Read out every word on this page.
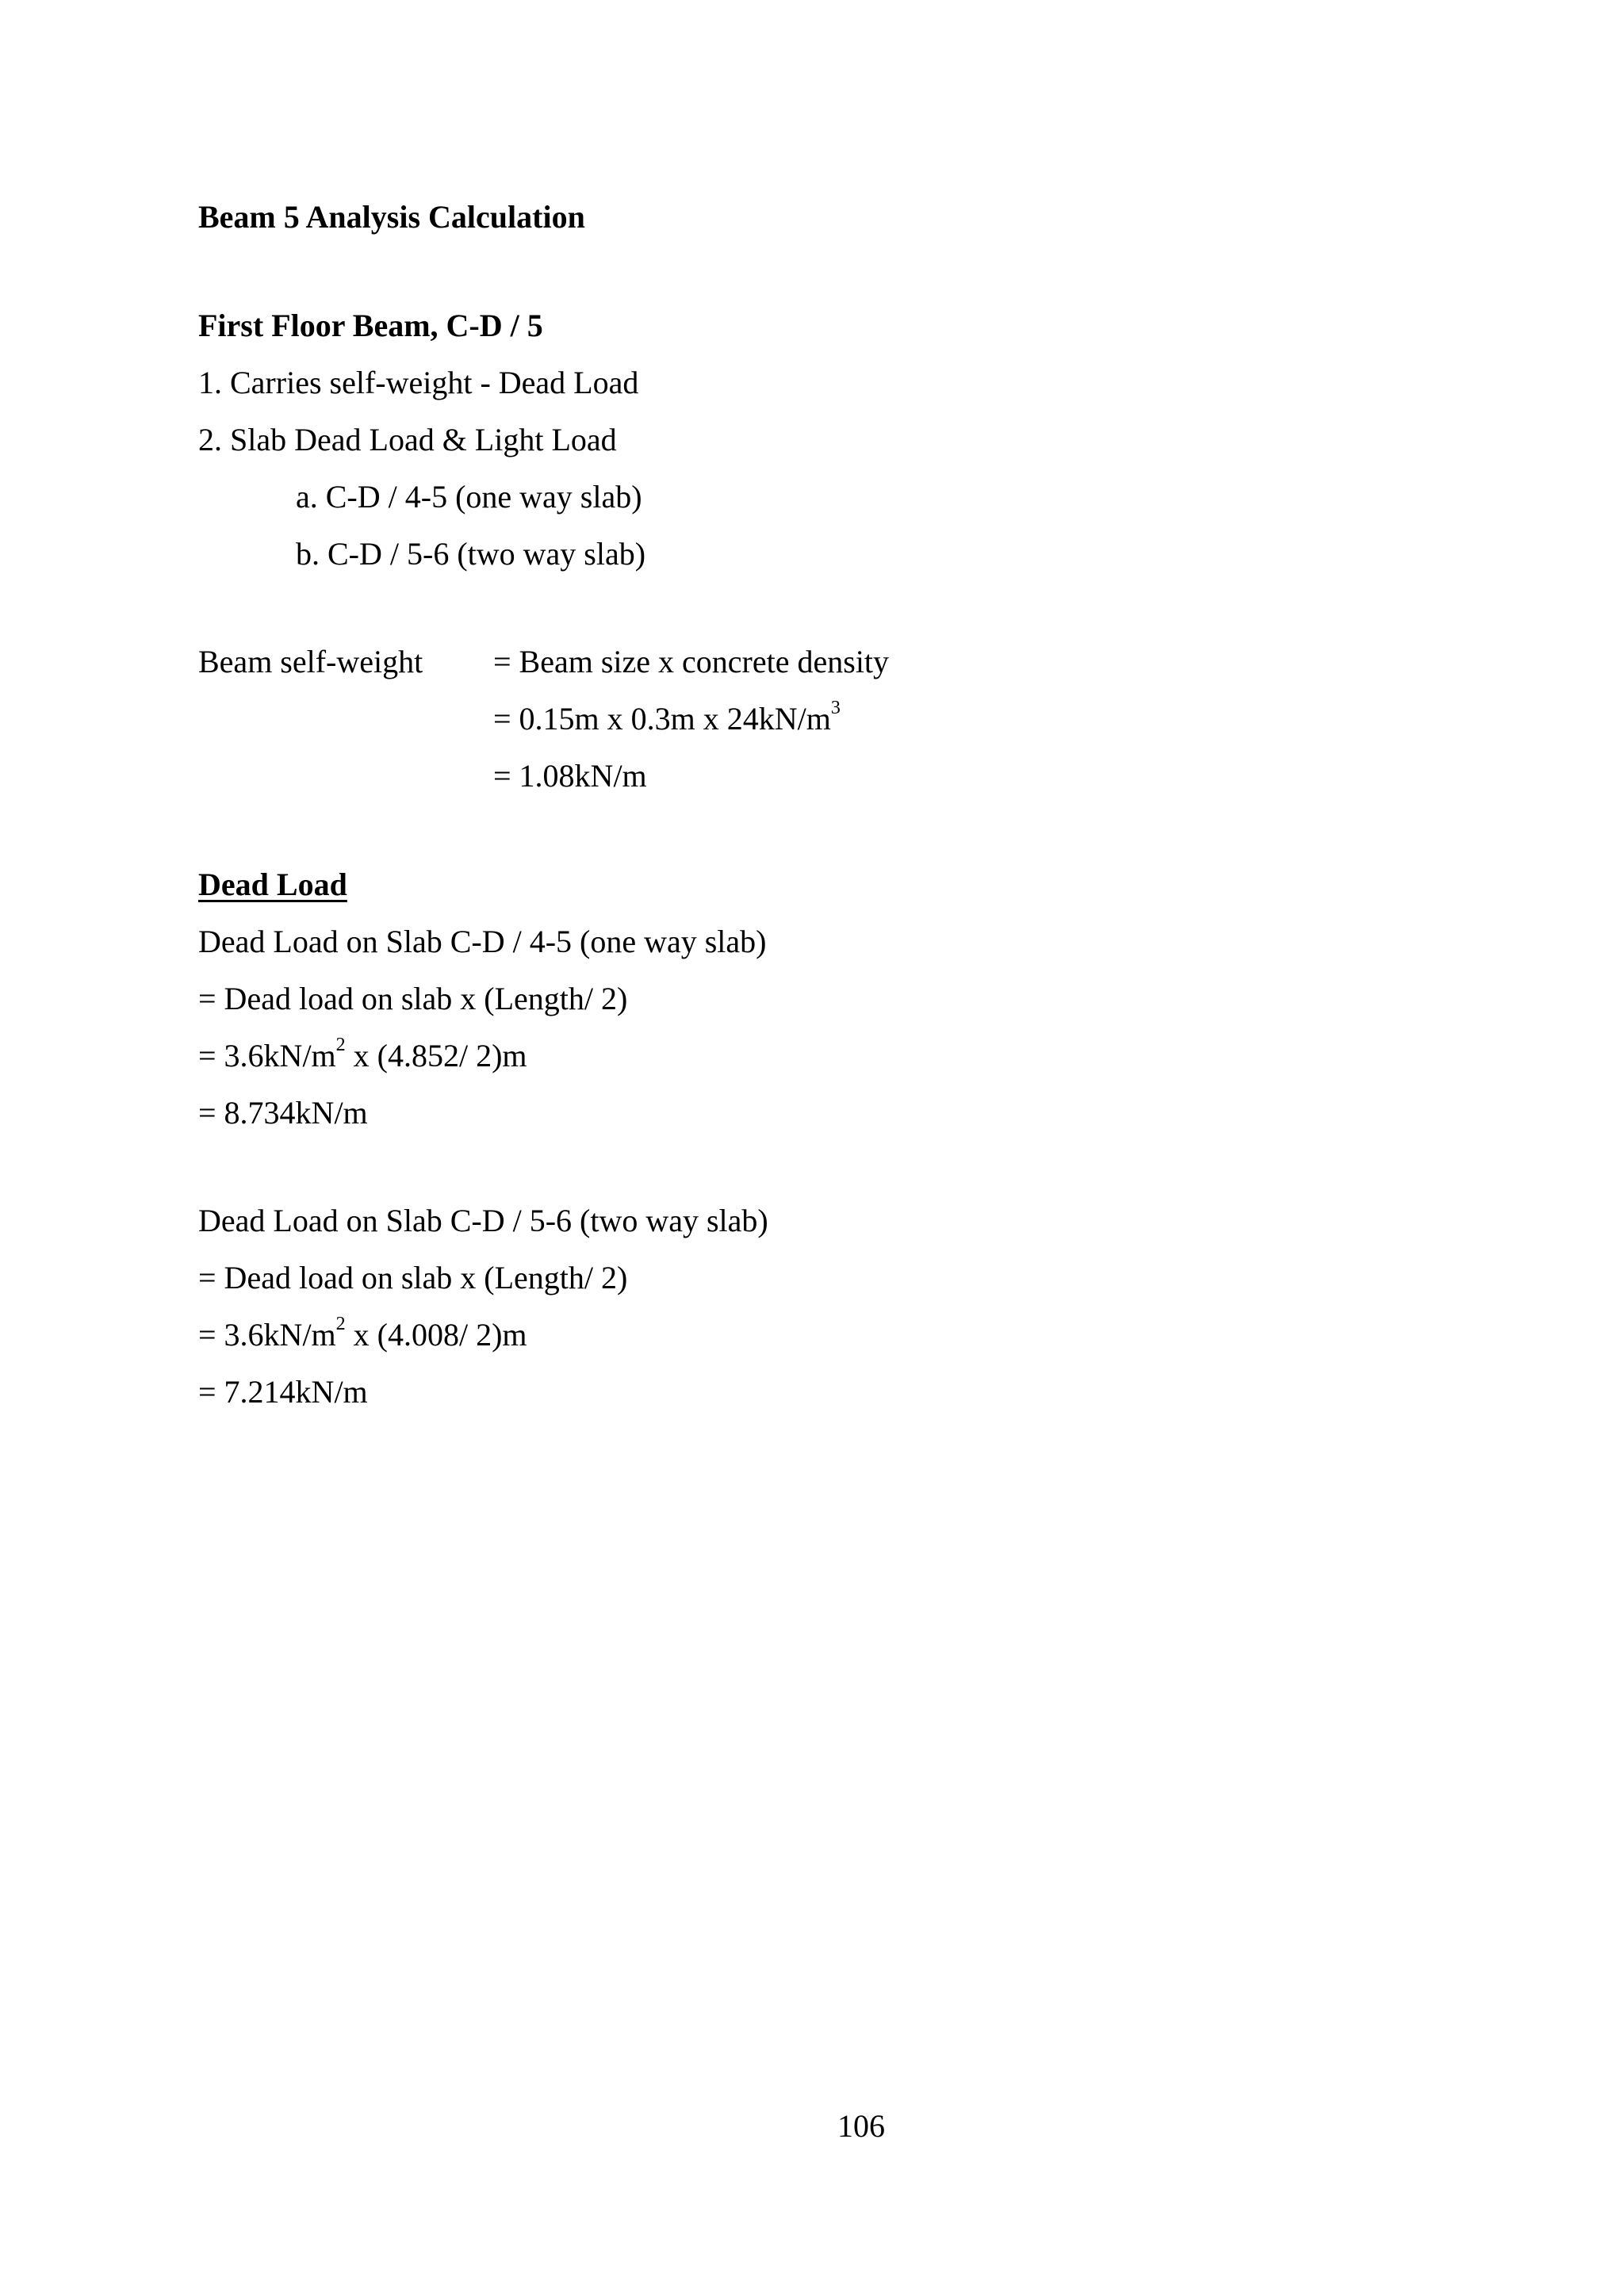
Beam 5 Analysis Calculation
First Floor Beam, C-D / 5
1. Carries self-weight - Dead Load
2. Slab Dead Load & Light Load
a. C-D / 4-5 (one way slab)
b. C-D / 5-6 (two way slab)
Beam self-weight = Beam size x concrete density
= 0.15m x 0.3m x $24kN/m^3$
= 1.08kN/m
Dead Load
Dead Load on Slab C-D / 4-5 (one way slab)
= Dead load on slab x (Length/ 2)
= $3.6kN/m^2$ x (4.852/ 2)m
= 8.734kN/m
Dead Load on Slab C-D / 5-6 (two way slab)
= Dead load on slab x (Length/ 2)
= $3.6kN/m^2$ x (4.008/ 2)m
= 7.214kN/m
106
